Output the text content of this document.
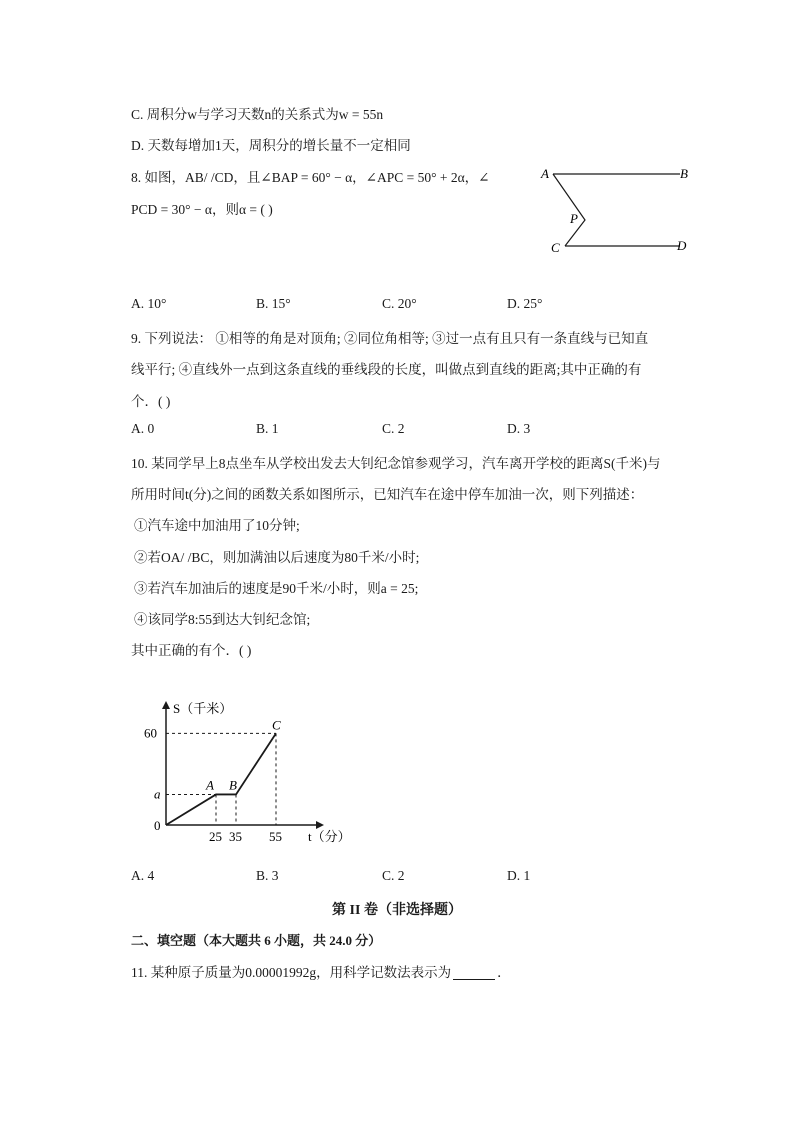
C. 周积分w与学习天数n的关系式为w = 55n
D. 天数每增加1天，周积分的增长量不一定相同
8. 如图，AB/ /CD，且∠BAP = 60° − α，∠APC = 50° + 2α，∠
PCD = 30° − α，则α = ( )
A	B
P
C	D
A. 10°	B. 15°	C. 20°	D. 25°
9. 下列说法： ①相等的角是对顶角; ②同位角相等; ③过一点有且只有一条直线与已知直
线平行; ④直线外一点到这条直线的垂线段的长度，叫做点到直线的距离;其中正确的有
个．( )
A. 0	B. 1	C. 2	D. 3
10. 某同学早上8点坐车从学校出发去大钊纪念馆参观学习，汽车离开学校的距离S(千米)与
所用时间t(分)之间的函数关系如图所示，已知汽车在途中停车加油一次，则下列描述：
①汽车途中加油用了10分钟;
②若OA/ /BC，则加满油以后速度为80千米/小时;
③若汽车加油后的速度是90千米/小时，则a = 25;
④该同学8:55到达大钊纪念馆;
其中正确的有个．( )
S（千米）
t（分）
0
25 35 55
a
60
A B
C
A. 4	B. 3	C. 2	D. 1
第 II 卷（非选择题）
二、填空题（本大题共 6 小题，共 24.0 分）
11. 某种原子质量为0.00001992g，用科学记数法表示为	．
